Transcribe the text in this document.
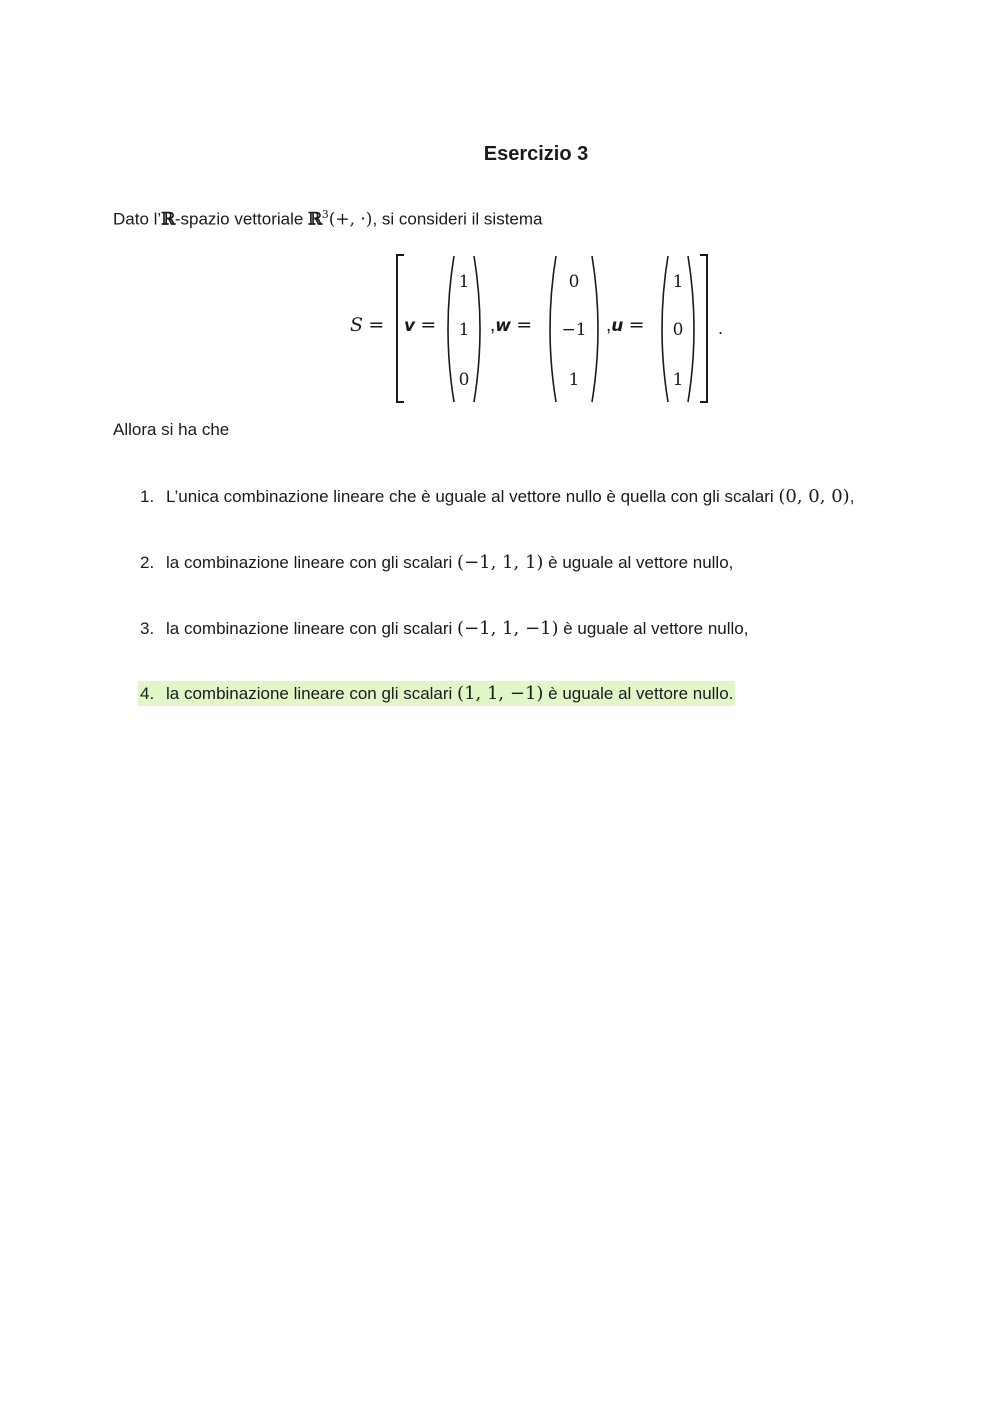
Esercizio 3
Dato l’ℝ-spazio vettoriale ℝ$^3$(+, ·), si consideri il sistema
S = v =
1
1
0
,w =
0
−1
1
,u =
1
0
1
.
Allora si ha che
1. L’unica combinazione lineare che è uguale al vettore nullo è quella con gli scalari (0, 0, 0),
2. la combinazione lineare con gli scalari (−1, 1, 1) è uguale al vettore nullo,
3. la combinazione lineare con gli scalari (−1, 1, −1) è uguale al vettore nullo,
4. la combinazione lineare con gli scalari (1, 1, −1) è uguale al vettore nullo.
